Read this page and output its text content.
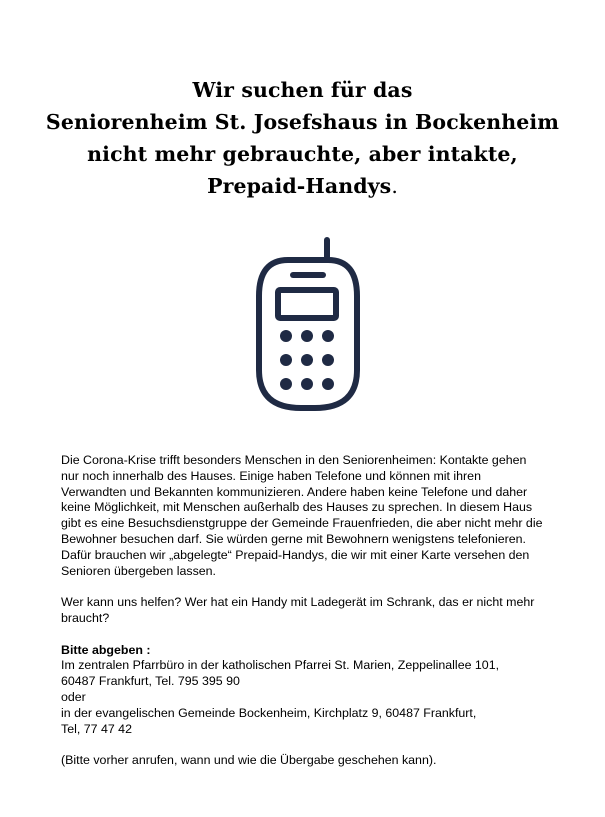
Wir suchen für das
Seniorenheim St. Josefshaus in Bockenheim
nicht mehr gebrauchte, aber intakte,
Prepaid-Handys.
Die Corona-Krise trifft besonders Menschen in den Seniorenheimen: Kontakte gehen
nur noch innerhalb des Hauses. Einige haben Telefone und können mit ihren
Verwandten und Bekannten kommunizieren. Andere haben keine Telefone und daher
keine Möglichkeit, mit Menschen außerhalb des Hauses zu sprechen. In diesem Haus
gibt es eine Besuchsdienstgruppe der Gemeinde Frauenfrieden, die aber nicht mehr die
Bewohner besuchen darf. Sie würden gerne mit Bewohnern wenigstens telefonieren.
Dafür brauchen wir „abgelegte“ Prepaid-Handys, die wir mit einer Karte versehen den
Senioren übergeben lassen.
Wer kann uns helfen? Wer hat ein Handy mit Ladegerät im Schrank, das er nicht mehr
braucht?
Bitte abgeben :
Im zentralen Pfarrbüro in der katholischen Pfarrei St. Marien, Zeppelinallee 101,
60487 Frankfurt, Tel. 795 395 90
oder
in der evangelischen Gemeinde Bockenheim, Kirchplatz 9, 60487 Frankfurt,
Tel, 77 47 42
(Bitte vorher anrufen, wann und wie die Übergabe geschehen kann).
